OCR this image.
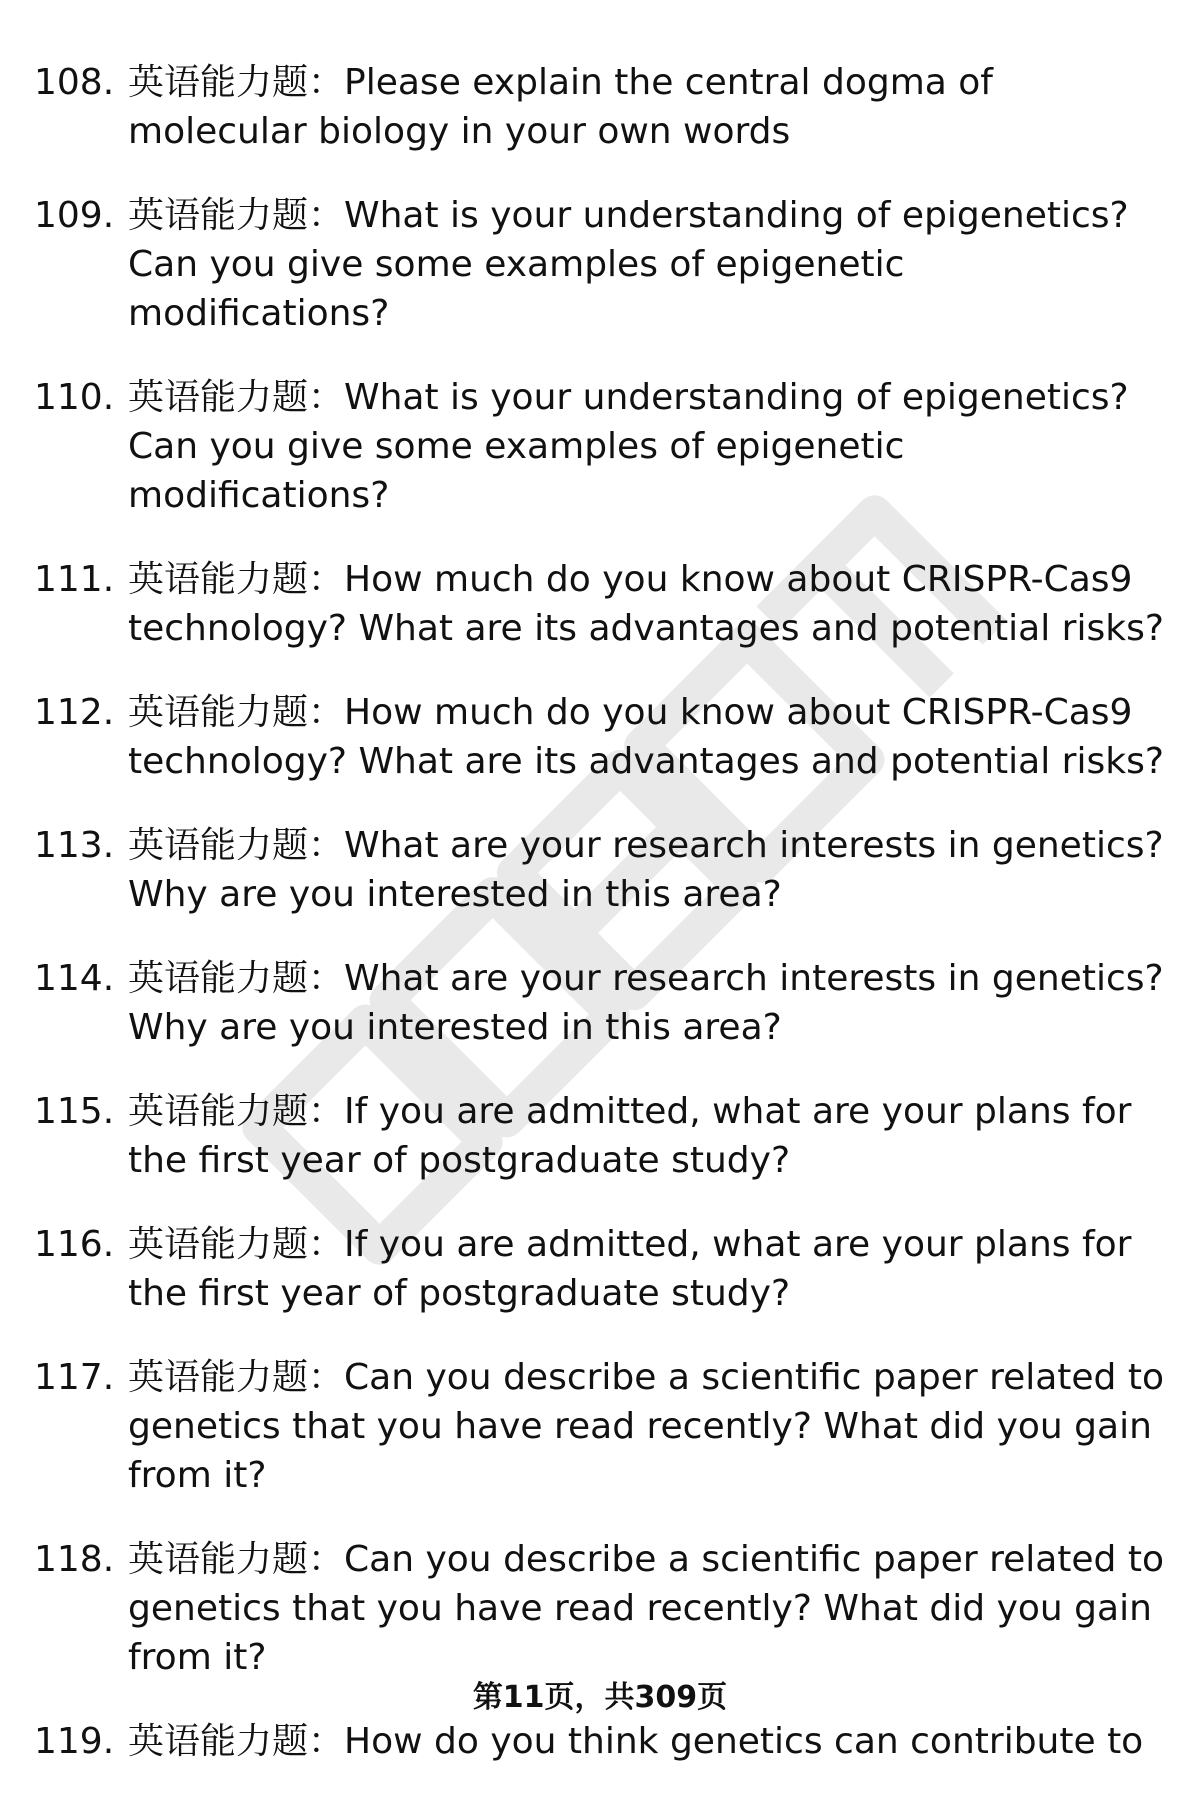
108. 英语能力题：Please explain the central dogma of molecular biology in your own words
109. 英语能力题：What is your understanding of epigenetics? Can you give some examples of epigenetic modifications?
110. 英语能力题：What is your understanding of epigenetics? Can you give some examples of epigenetic modifications?
111. 英语能力题：How much do you know about CRISPR-Cas9 technology? What are its advantages and potential risks?
112. 英语能力题：How much do you know about CRISPR-Cas9 technology? What are its advantages and potential risks?
113. 英语能力题：What are your research interests in genetics? Why are you interested in this area?
114. 英语能力题：What are your research interests in genetics? Why are you interested in this area?
115. 英语能力题：If you are admitted, what are your plans for the first year of postgraduate study?
116. 英语能力题：If you are admitted, what are your plans for the first year of postgraduate study?
117. 英语能力题：Can you describe a scientific paper related to genetics that you have read recently? What did you gain from it?
118. 英语能力题：Can you describe a scientific paper related to genetics that you have read recently? What did you gain from it?
119. 英语能力题：How do you think genetics can contribute to
第11页，共309页
